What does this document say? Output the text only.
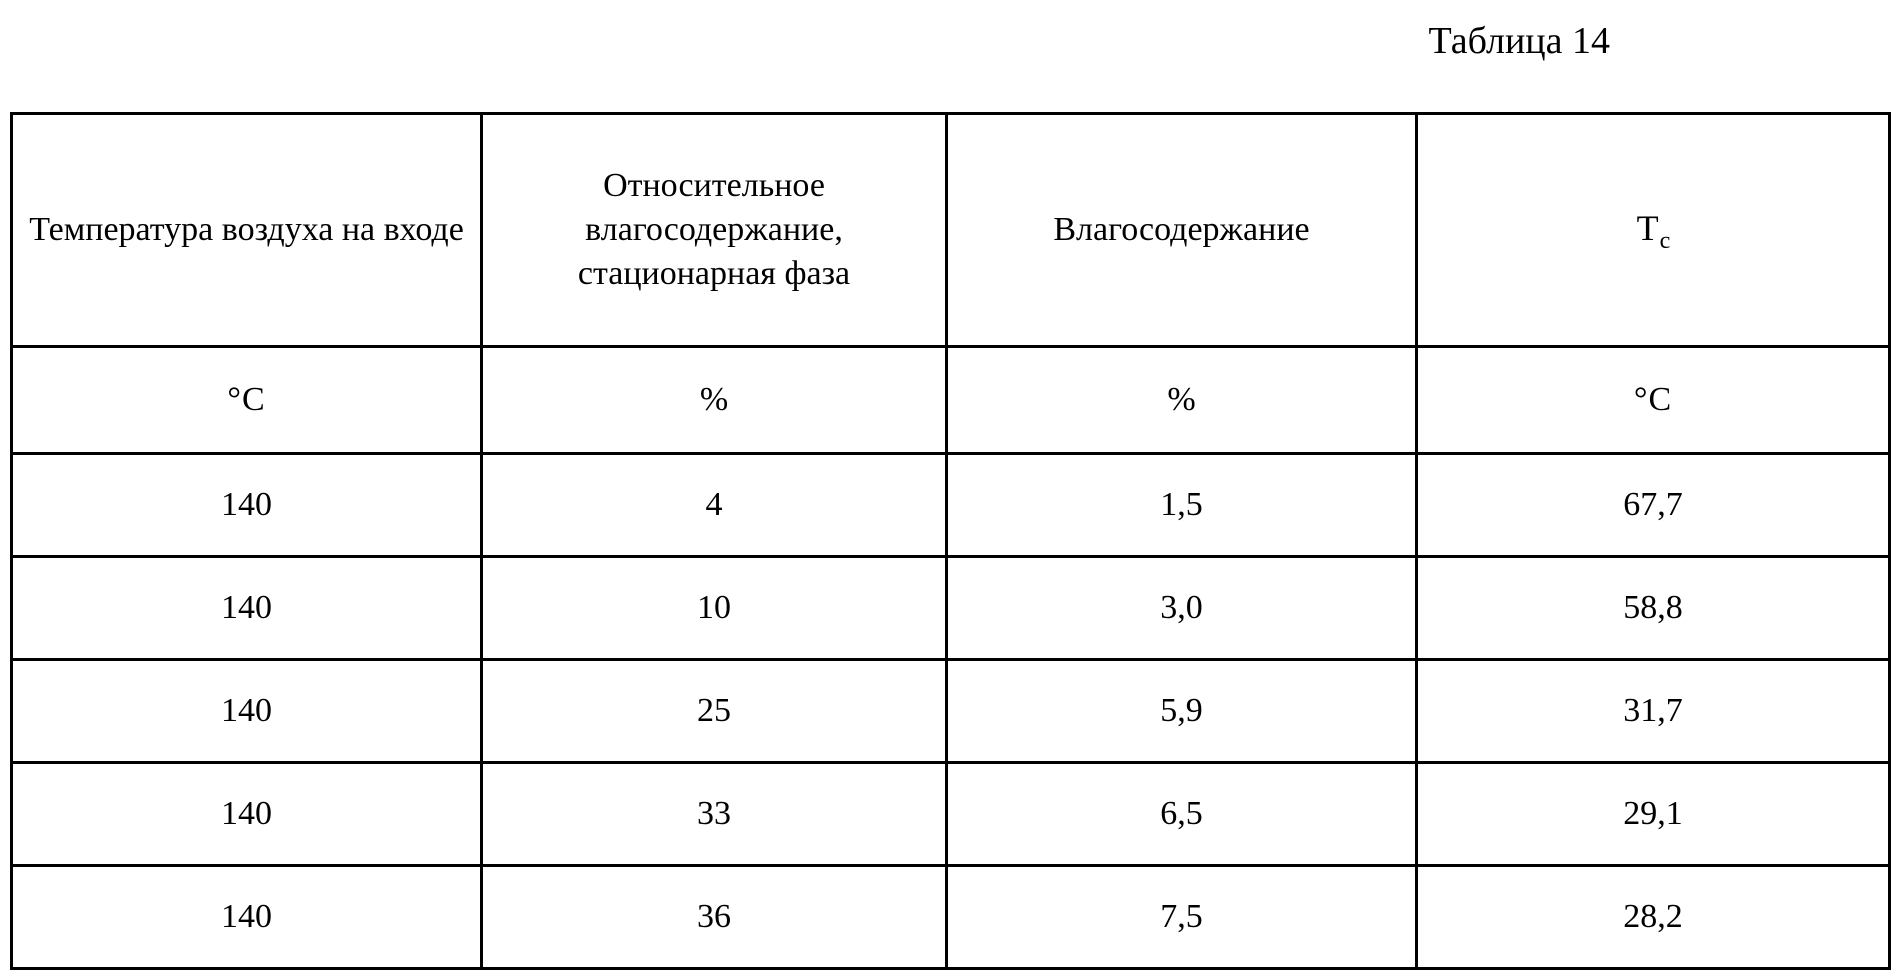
Таблица 14
Температура воздуха на входе	Относительное влагосодержание, стационарная фаза	Влагосодержание	$T_с$
°C	%	%	°C
140	4	1,5	67,7
140	10	3,0	58,8
140	25	5,9	31,7
140	33	6,5	29,1
140	36	7,5	28,2
